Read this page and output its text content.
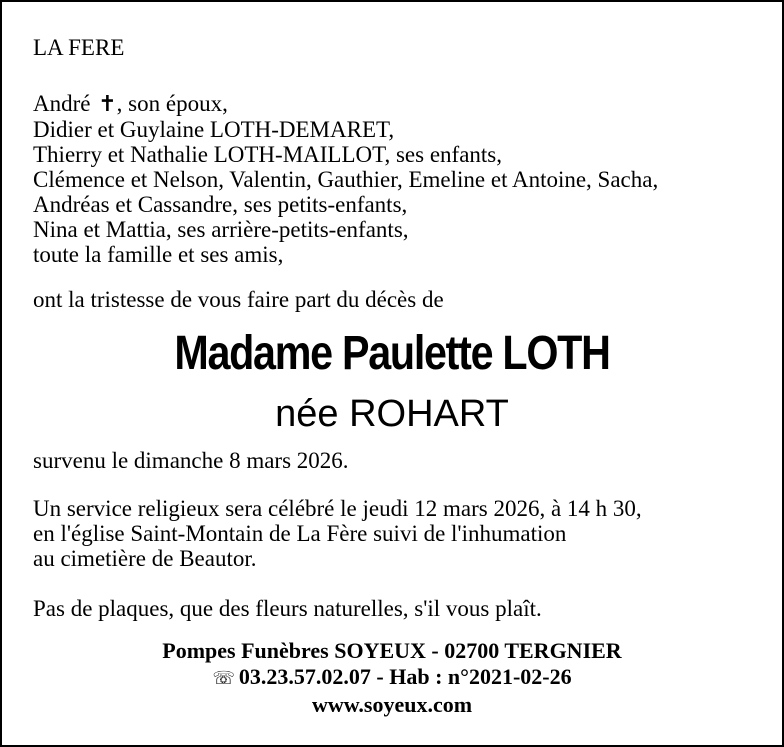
LA FERE

André ✝, son époux,
Didier et Guylaine LOTH-DEMARET,
Thierry et Nathalie LOTH-MAILLOT, ses enfants,
Clémence et Nelson, Valentin, Gauthier, Emeline et Antoine, Sacha,
Andréas et Cassandre, ses petits-enfants,
Nina et Mattia, ses arrière-petits-enfants,
toute la famille et ses amis,

ont la tristesse de vous faire part du décès de

Madame Paulette LOTH
née ROHART

survenu le dimanche 8 mars 2026.

Un service religieux sera célébré le jeudi 12 mars 2026, à 14 h 30,
en l'église Saint-Montain de La Fère suivi de l'inhumation
au cimetière de Beautor.

Pas de plaques, que des fleurs naturelles, s'il vous plaît.

Pompes Funèbres SOYEUX - 02700 TERGNIER
☏ 03.23.57.02.07 - Hab : n°2021-02-26
www.soyeux.com
